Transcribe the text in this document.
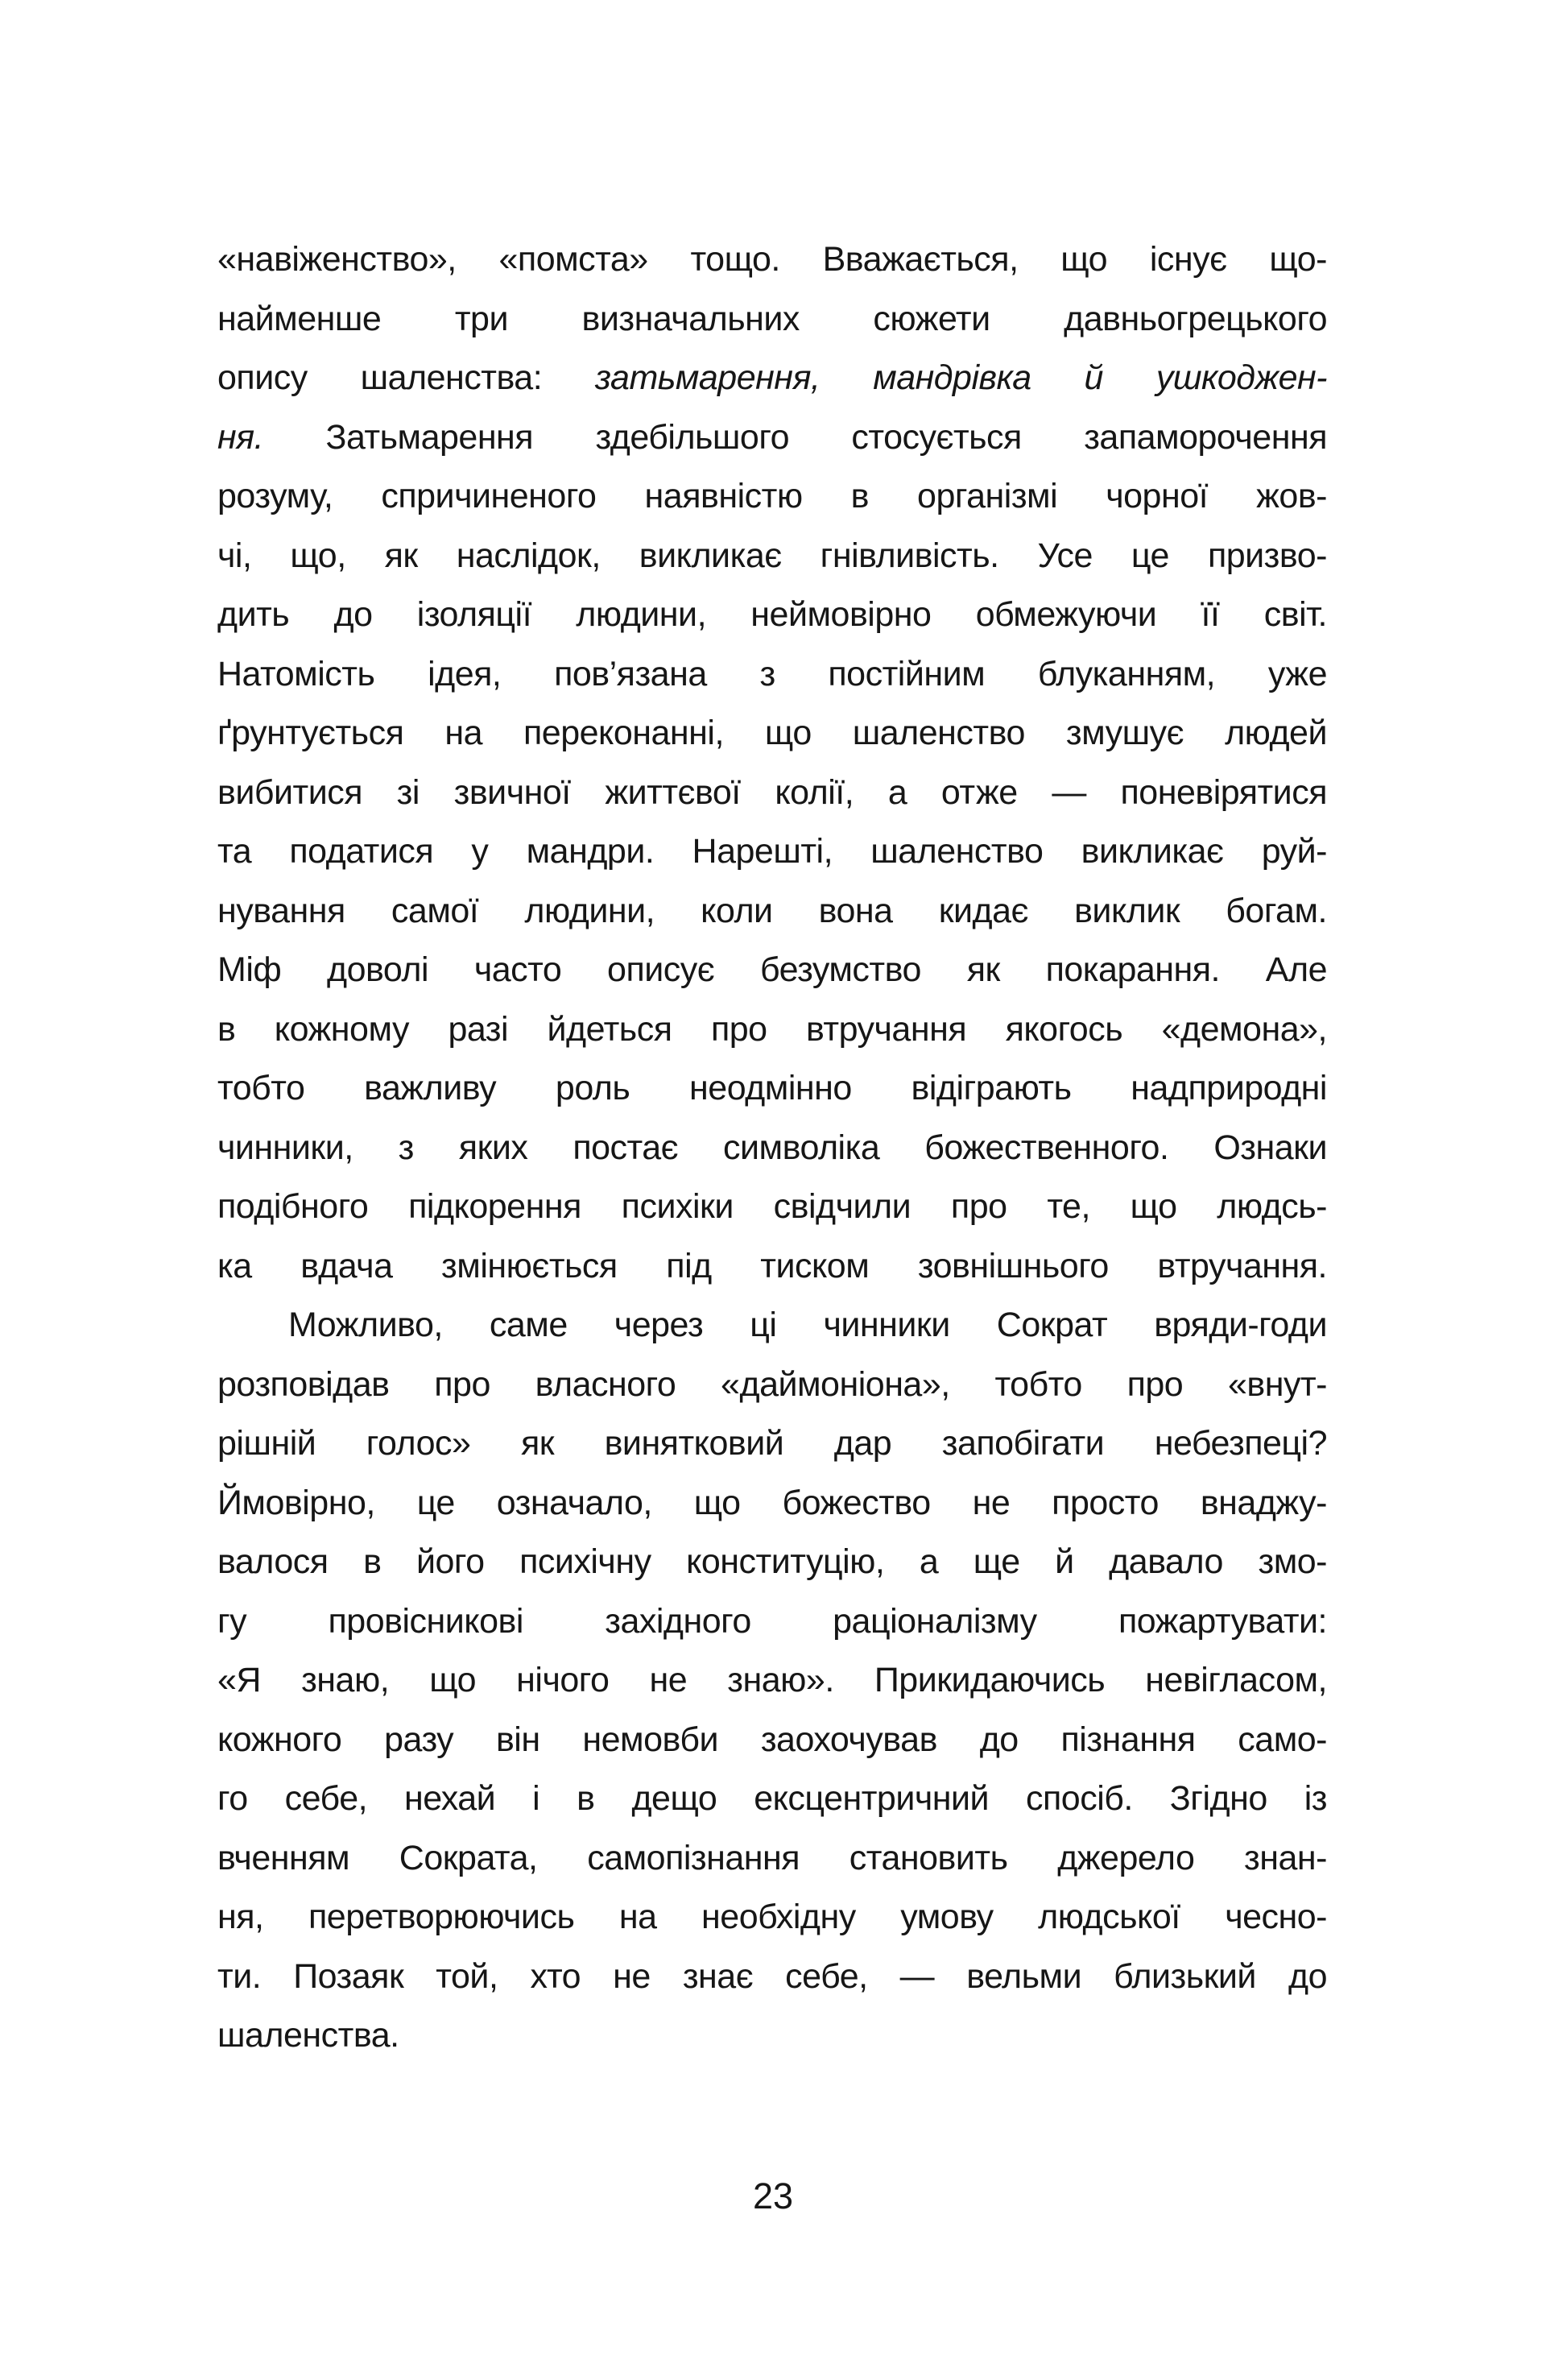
«навіженство», «помста» тощо. Вважається, що існує що-
найменше три визначальних сюжети давньогрецького
опису шаленства: затьмарення, мандрівка й ушкоджен-
ня. Затьмарення здебільшого стосується запаморочення
розуму, спричиненого наявністю в організмі чорної жов-
чі, що, як наслідок, викликає гнівливість. Усе це призво-
дить до ізоляції людини, неймовірно обмежуючи її світ.
Натомість ідея, пов’язана з постійним блуканням, уже
ґрунтується на переконанні, що шаленство змушує людей
вибитися зі звичної життєвої колії, а отже — поневірятися
та податися у мандри. Нарешті, шаленство викликає руй-
нування самої людини, коли вона кидає виклик богам.
Міф доволі часто описує безумство як покарання. Але
в кожному разі йдеться про втручання якогось «демона»,
тобто важливу роль неодмінно відіграють надприродні
чинники, з яких постає символіка божественного. Ознаки
подібного підкорення психіки свідчили про те, що людсь-
ка вдача змінюється під тиском зовнішнього втручання.
Можливо, саме через ці чинники Сократ вряди-годи
розповідав про власного «даймоніона», тобто про «внут-
рішній голос» як винятковий дар запобігати небезпеці?
Ймовірно, це означало, що божество не просто внаджу-
валося в його психічну конституцію, а ще й давало змо-
гу провісникові західного раціоналізму пожартувати:
«Я знаю, що нічого не знаю». Прикидаючись невігласом,
кожного разу він немовби заохочував до пізнання само-
го себе, нехай і в дещо ексцентричний спосіб. Згідно із
вченням Сократа, самопізнання становить джерело знан-
ня, перетворюючись на необхідну умову людської чесно-
ти. Позаяк той, хто не знає себе, — вельми близький до
шаленства.
23
